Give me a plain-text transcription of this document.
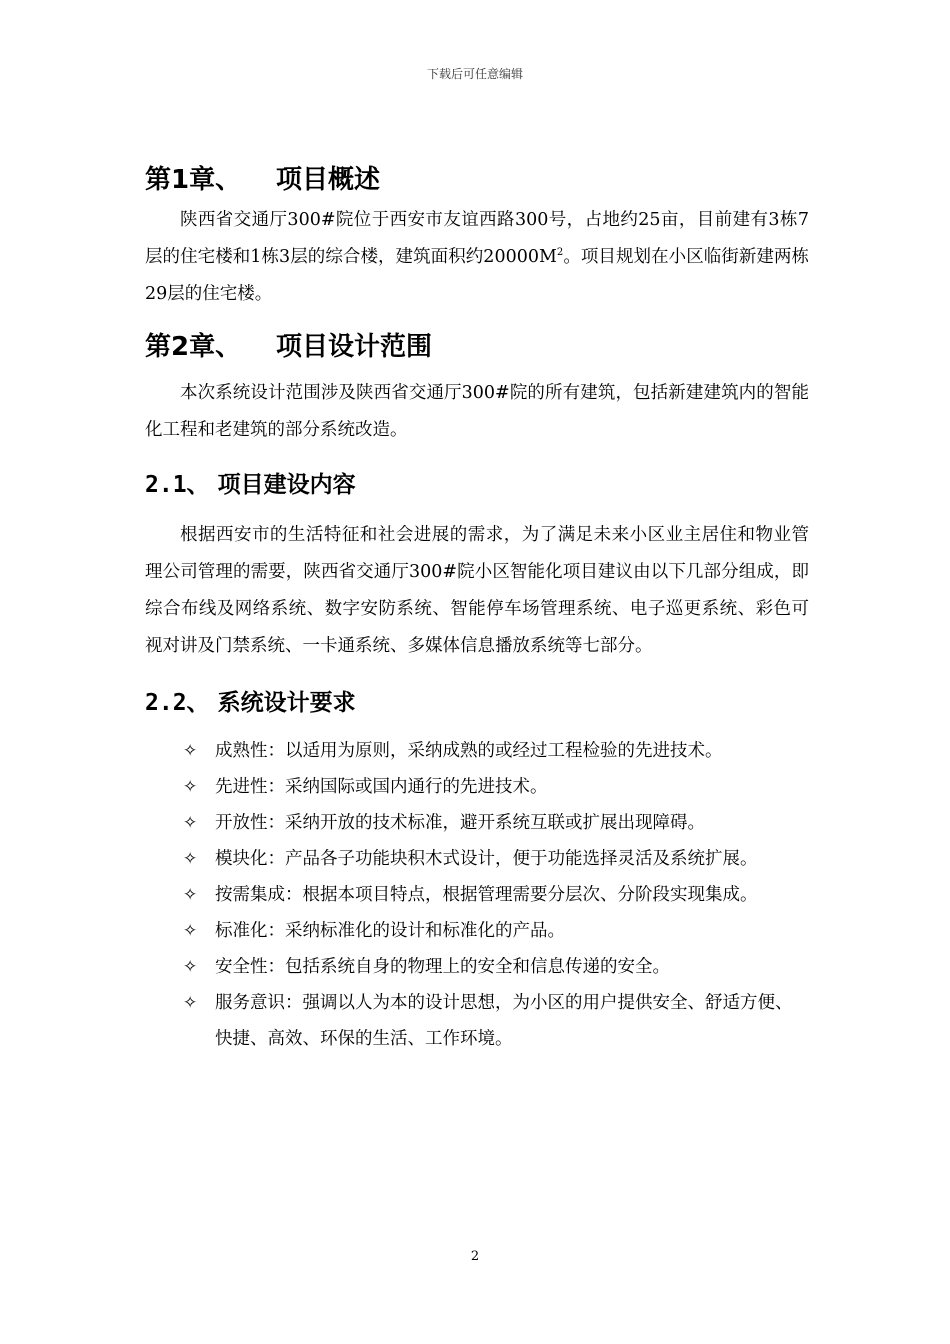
下载后可任意编辑
第1章、	项目概述

陕西省交通厅300#院位于西安市友谊西路300号，占地约25亩，目前建有3栋7层的住宅楼和1栋3层的综合楼，建筑面积约$20000M^2$。项目规划在小区临街新建两栋29层的住宅楼。

第2章、	项目设计范围

本次系统设计范围涉及陕西省交通厅300#院的所有建筑，包括新建建筑内的智能化工程和老建筑的部分系统改造。

2.1、 项目建设内容

根据西安市的生活特征和社会进展的需求，为了满足未来小区业主居住和物业管理公司管理的需要，陕西省交通厅300#院小区智能化项目建议由以下几部分组成，即综合布线及网络系统、数字安防系统、智能停车场管理系统、电子巡更系统、彩色可视对讲及门禁系统、一卡通系统、多媒体信息播放系统等七部分。

2.2、 系统设计要求
✧ 成熟性：以适用为原则，采纳成熟的或经过工程检验的先进技术。
✧ 先进性：采纳国际或国内通行的先进技术。
✧ 开放性：采纳开放的技术标准，避开系统互联或扩展出现障碍。
✧ 模块化：产品各子功能块积木式设计，便于功能选择灵活及系统扩展。
✧ 按需集成：根据本项目特点，根据管理需要分层次、分阶段实现集成。
✧ 标准化：采纳标准化的设计和标准化的产品。
✧ 安全性：包括系统自身的物理上的安全和信息传递的安全。
✧ 服务意识：强调以人为本的设计思想，为小区的用户提供安全、舒适方便、快捷、高效、环保的生活、工作环境。
2
